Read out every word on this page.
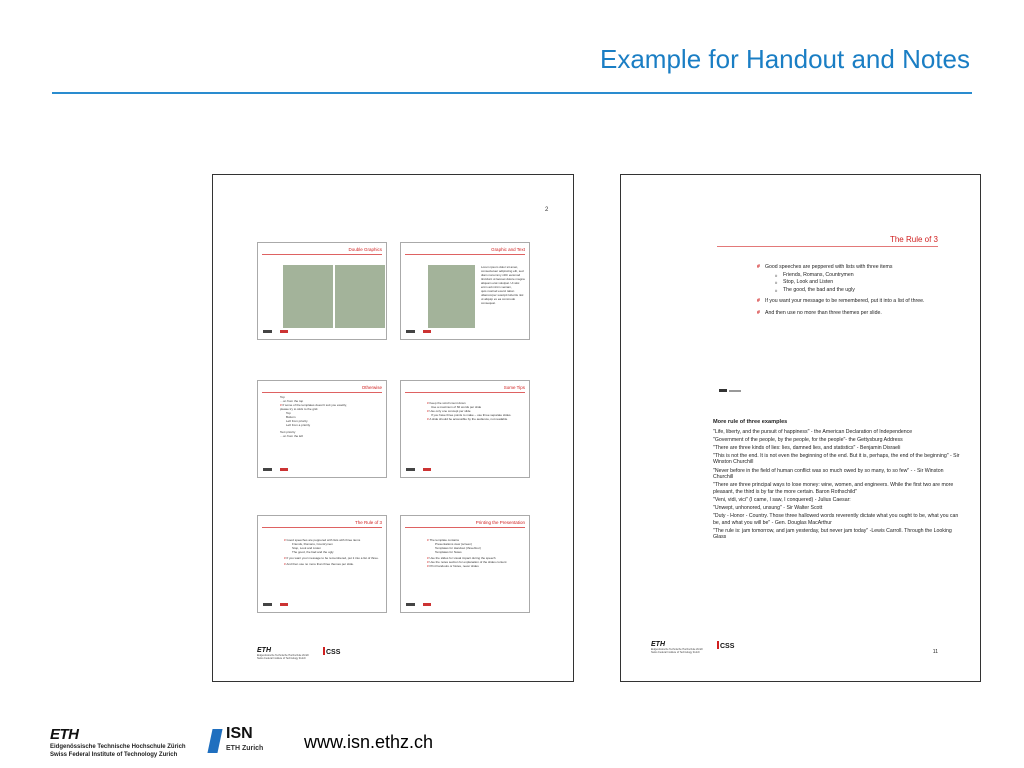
Example for Handout and Notes
2
Double Graphics	Graphic and Text
Lorem ipsum dolor sit amet,
consectetuer adipiscing elit, sed
diam nonummy nibh euismod
tincidunt ut laoreet dolore magna
aliquam erat volutpat. Ut wisi
enim ad minim veniam,
quis nostrud exerci tation
ullamcorper suscipit lobortis nisl
ut aliquip ex ea commodo
consequat.
Otherwise
Top
…on from the top
# If some of the templates doesn't suit you exactly, please try to stick to the grid.
Top
Bottom
Left from priority
Left from a priority
Text priority
…on from the left
Some Tips
# Keep the scroll count down
Use a maximum of 60 words per slide
# Use only one concept per slide
If you have three points to make – use three separate slides.
# A slide should be accessible by the audience, not readable
The Rule of 3
# Good speeches are peppered with lists with three items
Friends, Romans, Countrymen
Stop, Look and Listen
The good, the bad and the ugly
# If you want your message to be remembered, put it into a list of three.
# And then use no more than three themes per slide.
Printing the Presentation
# The template contains
Presentations view (screen)
Templates for Handout (three/four)
Templates for Notes
# Use the slides for visual impact during the speech
# Use the notes section for explanation of the slides content
# Print handouts or Notes, never slides
ETH
Eidgenössische Technische Hochschule Zürich
Swiss Federal Institute of Technology Zurich
CSS
The Rule of 3
# Good speeches are peppered with lists with three items
# Friends, Romans, Countrymen
# Stop, Look and Listen
# The good, the bad and the ugly
# If you want your message to be remembered, put it into a list of three.
# And then use no more than three themes per slide.
More rule of three examples
"Life, liberty, and the pursuit of happiness" - the American Declaration of Independence
"Government of the people, by the people, for the people"- the Gettysburg Address
"There are three kinds of lies: lies, damned lies, and statistics" - Benjamin Disraeli
"This is not the end. It is not even the beginning of the end. But it is, perhaps, the end of the beginning" - Sir Winston Churchill
"Never before in the field of human conflict was so much owed by so many, to so few" - - Sir Winston Churchill
"There are three principal ways to lose money: wine, women, and engineers. While the first two are more pleasant, the third is by far the more certain. Baron Rothschild"
"Veni, vidi, vici" (I came, I saw, I conquered) - Julius Caesar:
"Unwept, unhonored, unsung" - Sir Walter Scott
"Duty - Honor - Country. Those three hallowed words reverently dictate what you ought to be, what you can be, and what you will be" - Gen. Douglas MacArthur
"The rule is: jam tomorrow, and jam yesterday, but never jam today" -Lewis Carroll. Through the Looking Glass
ETH
Eidgenössische Technische Hochschule Zürich
Swiss Federal Institute of Technology Zurich
CSS
11
ETH
Eidgenössische Technische Hochschule Zürich
Swiss Federal Institute of Technology Zurich
ISN
ETH Zurich www.isn.ethz.ch
